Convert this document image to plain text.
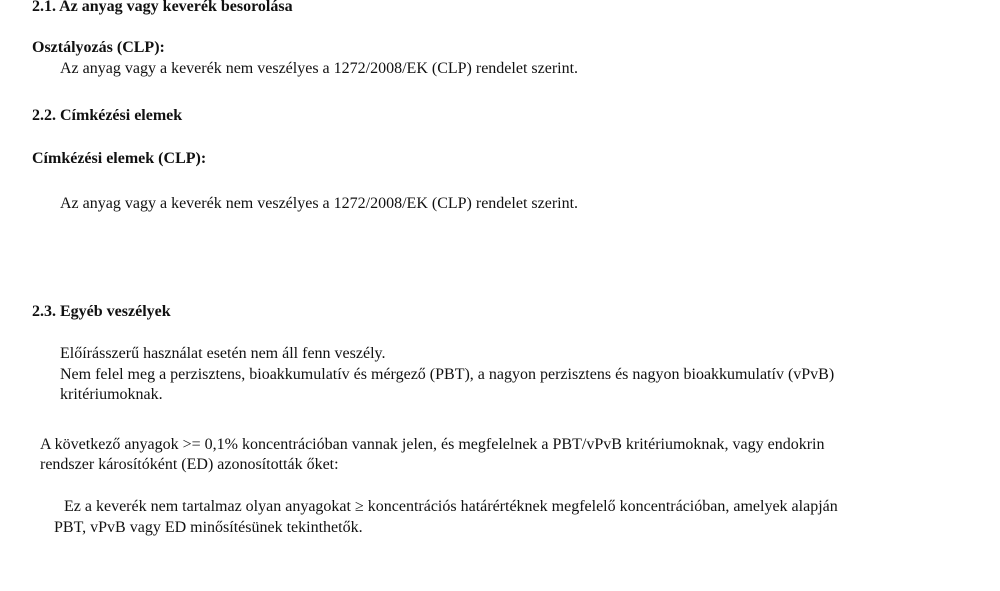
2.1. Az anyag vagy keverék besorolása
Osztályozás (CLP):
Az anyag vagy a keverék nem veszélyes a 1272/2008/EK (CLP) rendelet szerint.
2.2. Címkézési elemek
Címkézési elemek (CLP):
Az anyag vagy a keverék nem veszélyes a 1272/2008/EK (CLP) rendelet szerint.
2.3. Egyéb veszélyek
Előírásszerű használat esetén nem áll fenn veszély.
Nem felel meg a perzisztens, bioakkumulatív és mérgező (PBT), a nagyon perzisztens és nagyon bioakkumulatív (vPvB)
kritériumoknak.
A következő anyagok >= 0,1% koncentrációban vannak jelen, és megfelelnek a PBT/vPvB kritériumoknak, vagy endokrin
rendszer károsítóként (ED) azonosították őket:
Ez a keverék nem tartalmaz olyan anyagokat ≥ koncentrációs határértéknek megfelelő koncentrációban, amelyek alapján
PBT, vPvB vagy ED minősítésünek tekinthetők.
